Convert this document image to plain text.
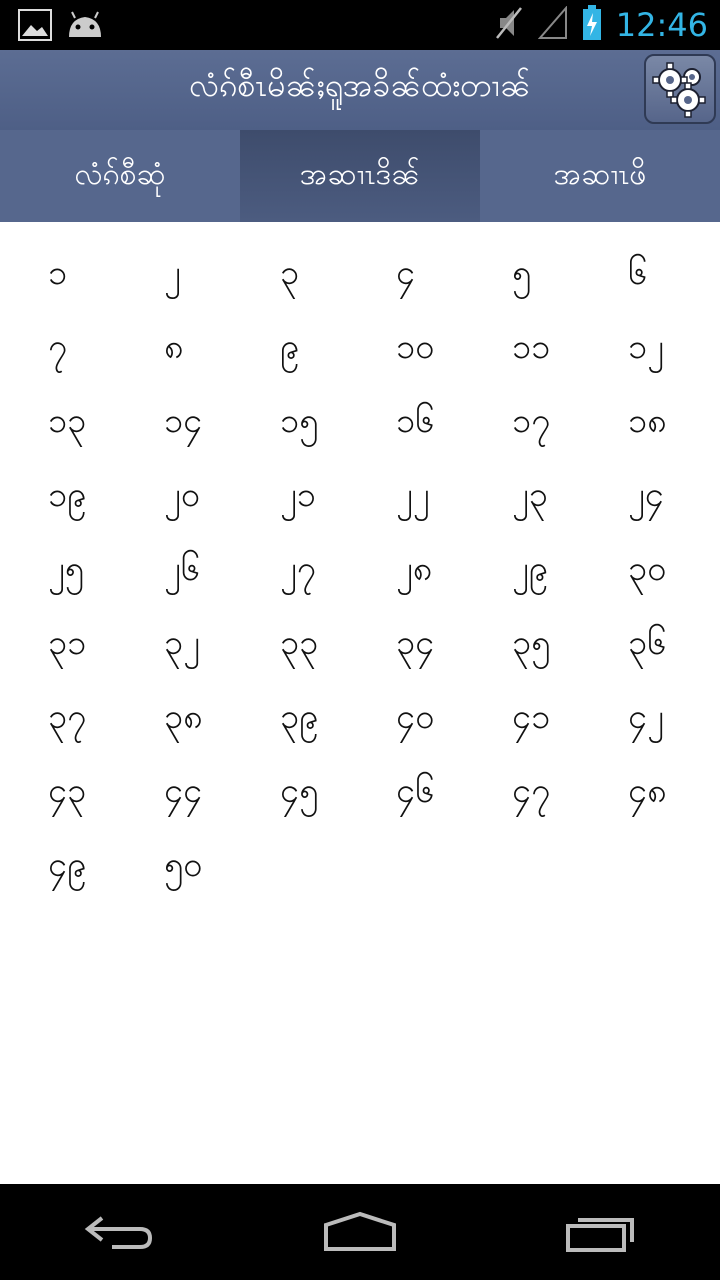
12:46
လံၵ်စီၤမိၼ်ႈရူအခိၼ်ထံးတၢၼ်
လံၵ်စီဆုံ	အဆၢၤဒိၼ်	အဆၢၤဖိ
၁	၂	၃	၄	၅	၆
၇	၈	၉	၁၀	၁၁	၁၂
၁၃	၁၄	၁၅	၁၆	၁၇	၁၈
၁၉	၂၀	၂၁	၂၂	၂၃	၂၄
၂၅	၂၆	၂၇	၂၈	၂၉	၃၀
၃၁	၃၂	၃၃	၃၄	၃၅	၃၆
၃၇	၃၈	၃၉	၄၀	၄၁	၄၂
၄၃	၄၄	၄၅	၄၆	၄၇	၄၈
၄၉	၅၀
